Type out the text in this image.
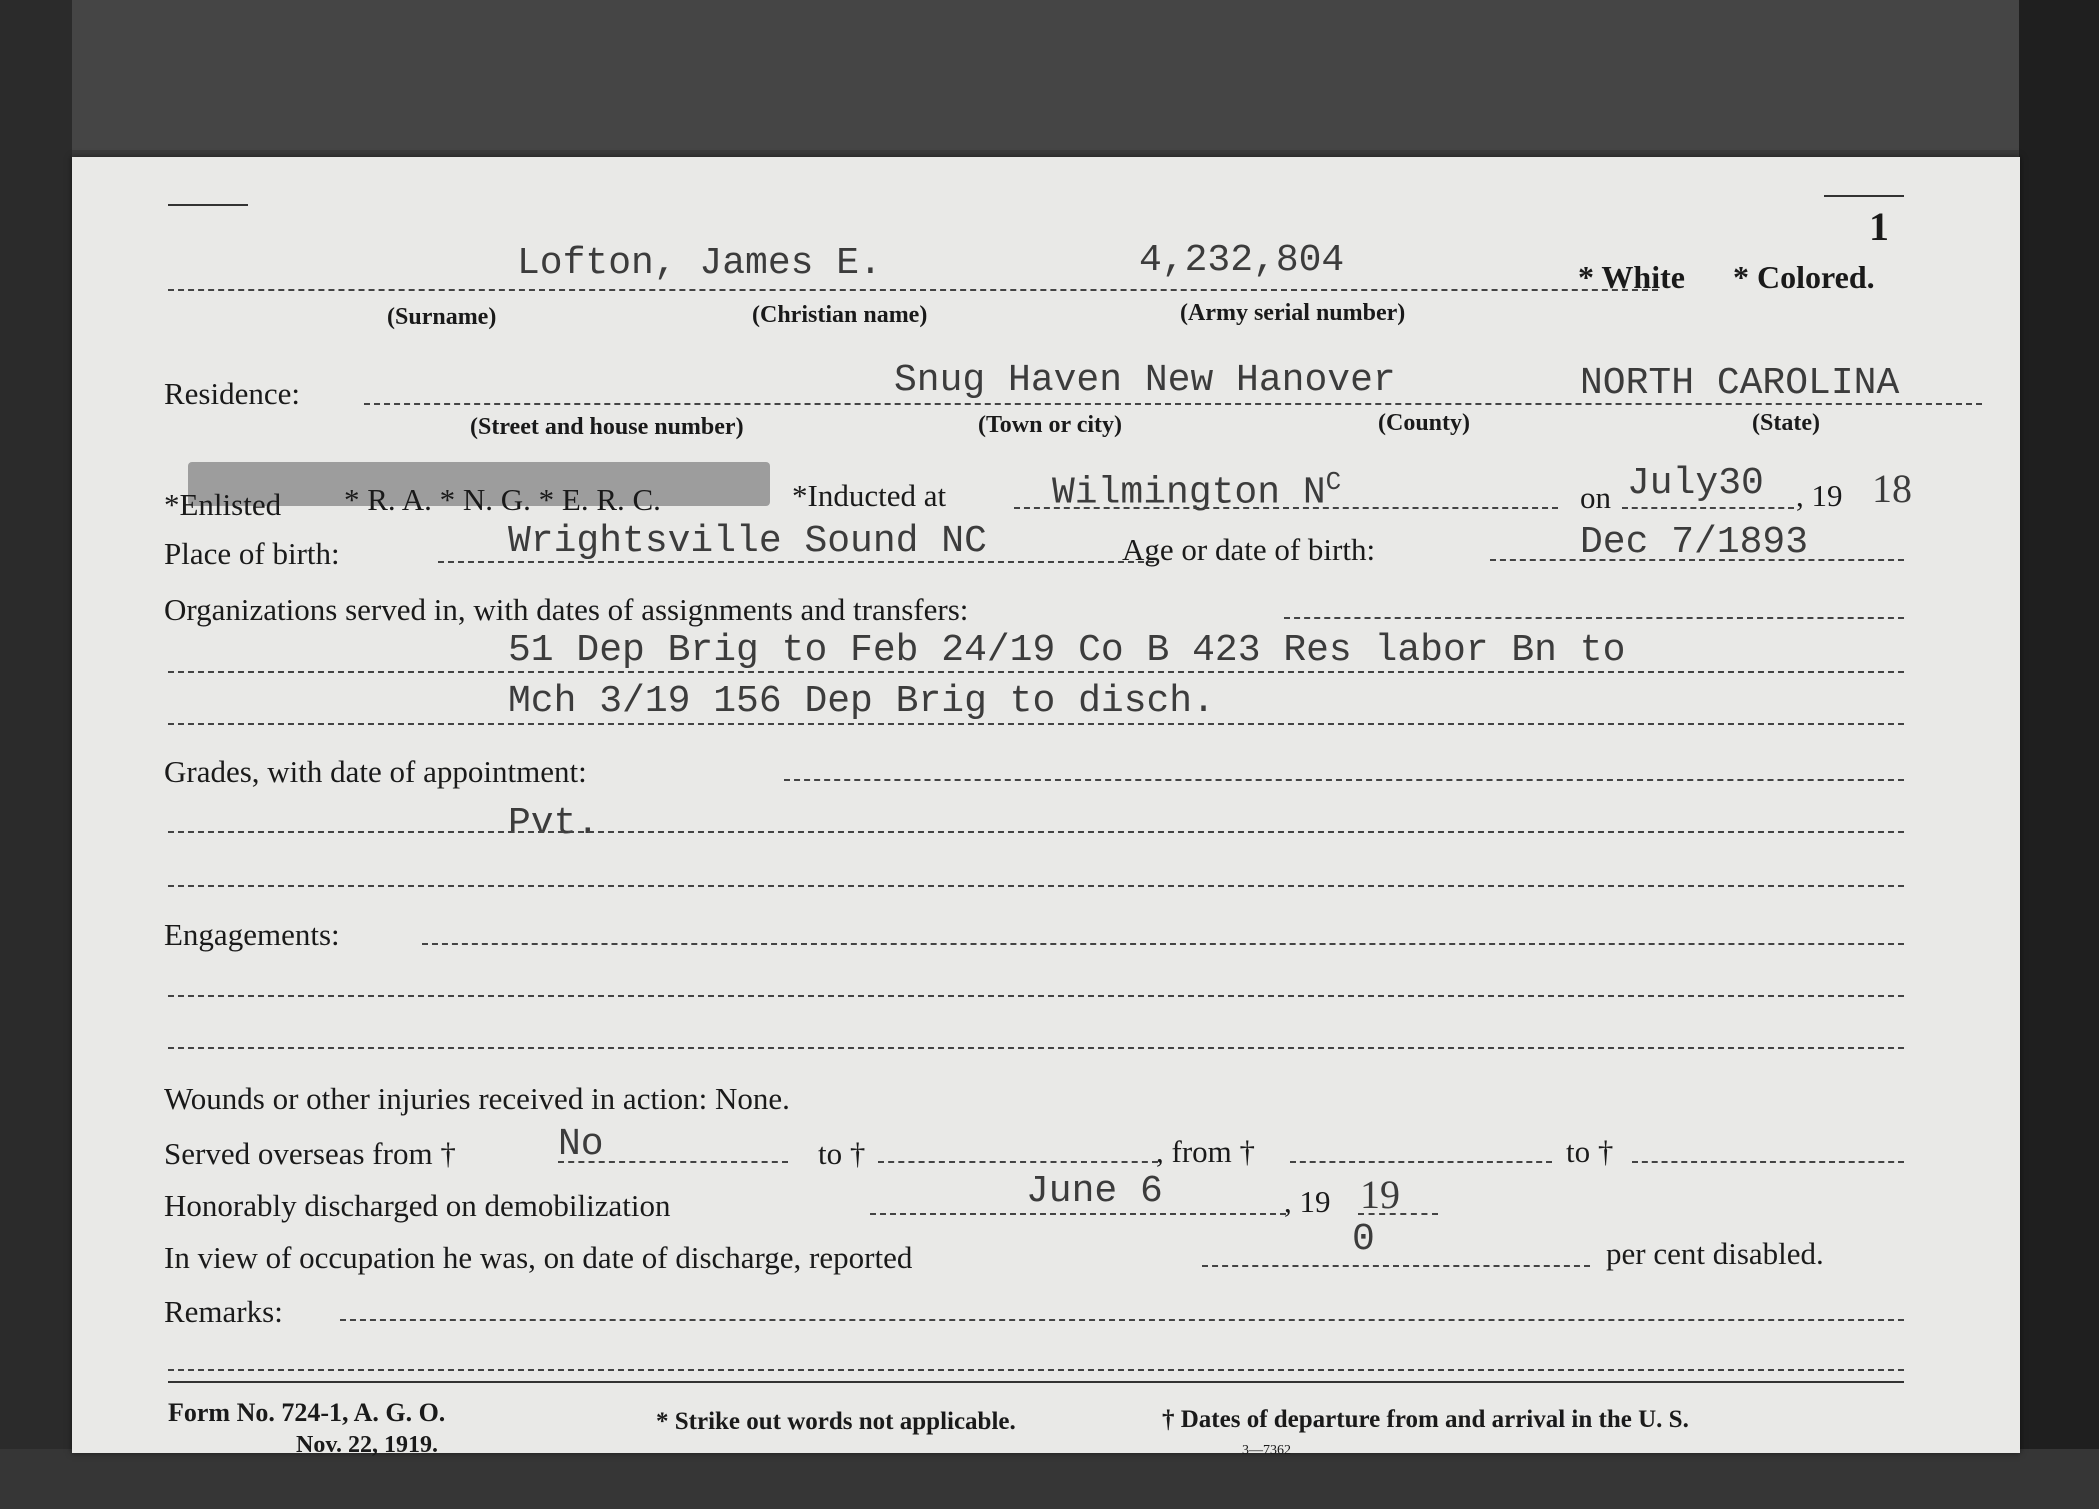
1
Lofton, James E.	4,232,804	* White * Colored.
(Surname)	(Christian name)	(Army serial number)
Residence:	Snug Haven New Hanover	NORTH CAROLINA
(Street and house number)	(Town or city)	(County)	(State)
*Enlisted * R. A. * N. G. * E. R. C.	*Inducted at	Wilmington $N^C$	on July30 , 19 18
Place of birth:	Wrightsville Sound NC	Age or date of birth:	Dec 7/1893
Organizations served in, with dates of assignments and transfers:
51 Dep Brig to Feb 24/19 Co B 423 Res labor Bn to
Mch 3/19 156 Dep Brig to disch.
Grades, with date of appointment:
Pvt.
Engagements:
Wounds or other injuries received in action: None.
Served overseas from †	No	to †	, from †	to †
Honorably discharged on demobilization	June 6	, 19 19
In view of occupation he was, on date of discharge, reported	0	per cent disabled.
Remarks:
Form No. 724-1, A. G. O.
Nov. 22, 1919.
* Strike out words not applicable.	† Dates of departure from and arrival in the U. S.
3—7362
